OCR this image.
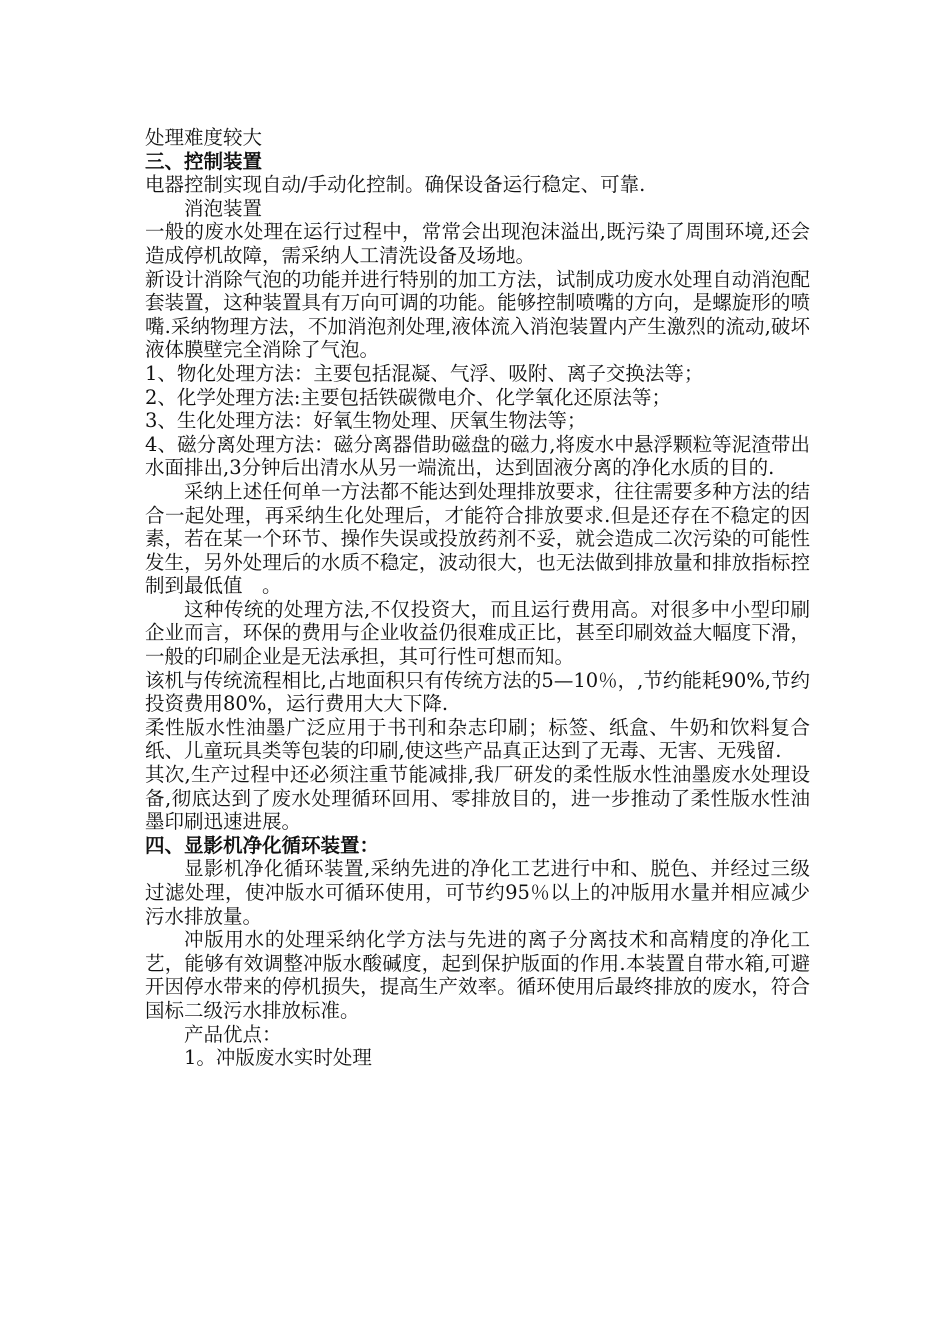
处理难度较大

三、控制装置

电器控制实现自动/手动化控制。确保设备运行稳定、可靠.

消泡装置

一般的废水处理在运行过程中，常常会出现泡沫溢出,既污染了周围环境,还会造成停机故障，需采纳人工清洗设备及场地。

新设计消除气泡的功能并进行特别的加工方法，试制成功废水处理自动消泡配套装置，这种装置具有万向可调的功能。能够控制喷嘴的方向，是螺旋形的喷嘴.采纳物理方法，不加消泡剂处理,液体流入消泡装置内产生激烈的流动,破坏液体膜壁完全消除了气泡。

1、物化处理方法：主要包括混凝、气浮、吸附、离子交换法等；

2、化学处理方法:主要包括铁碳微电介、化学氧化还原法等；

3、生化处理方法：好氧生物处理、厌氧生物法等；

4、磁分离处理方法：磁分离器借助磁盘的磁力,将废水中悬浮颗粒等泥渣带出水面排出,3分钟后出清水从另一端流出，达到固液分离的净化水质的目的.

采纳上述任何单一方法都不能达到处理排放要求，往往需要多种方法的结合一起处理，再采纳生化处理后，才能符合排放要求.但是还存在不稳定的因素，若在某一个环节、操作失误或投放药剂不妥，就会造成二次污染的可能性发生，另外处理后的水质不稳定，波动很大，也无法做到排放量和排放指标控制到最低值　。

这种传统的处理方法,不仅投资大，而且运行费用高。对很多中小型印刷企业而言，环保的费用与企业收益仍很难成正比，甚至印刷效益大幅度下滑，一般的印刷企业是无法承担，其可行性可想而知。

该机与传统流程相比,占地面积只有传统方法的5—10％，,节约能耗90%,节约投资费用80%，运行费用大大下降.

柔性版水性油墨广泛应用于书刊和杂志印刷；标签、纸盒、牛奶和饮料复合纸、儿童玩具类等包装的印刷,使这些产品真正达到了无毒、无害、无残留.

其次,生产过程中还必须注重节能减排,我厂研发的柔性版水性油墨废水处理设备,彻底达到了废水处理循环回用、零排放目的，进一步推动了柔性版水性油墨印刷迅速进展。

四、显影机净化循环装置：

显影机净化循环装置,采纳先进的净化工艺进行中和、脱色、并经过三级过滤处理，使冲版水可循环使用，可节约95％以上的冲版用水量并相应减少污水排放量。

冲版用水的处理采纳化学方法与先进的离子分离技术和高精度的净化工艺，能够有效调整冲版水酸碱度，起到保护版面的作用.本装置自带水箱,可避开因停水带来的停机损失，提高生产效率。循环使用后最终排放的废水，符合国标二级污水排放标准。

产品优点：

1。冲版废水实时处理
